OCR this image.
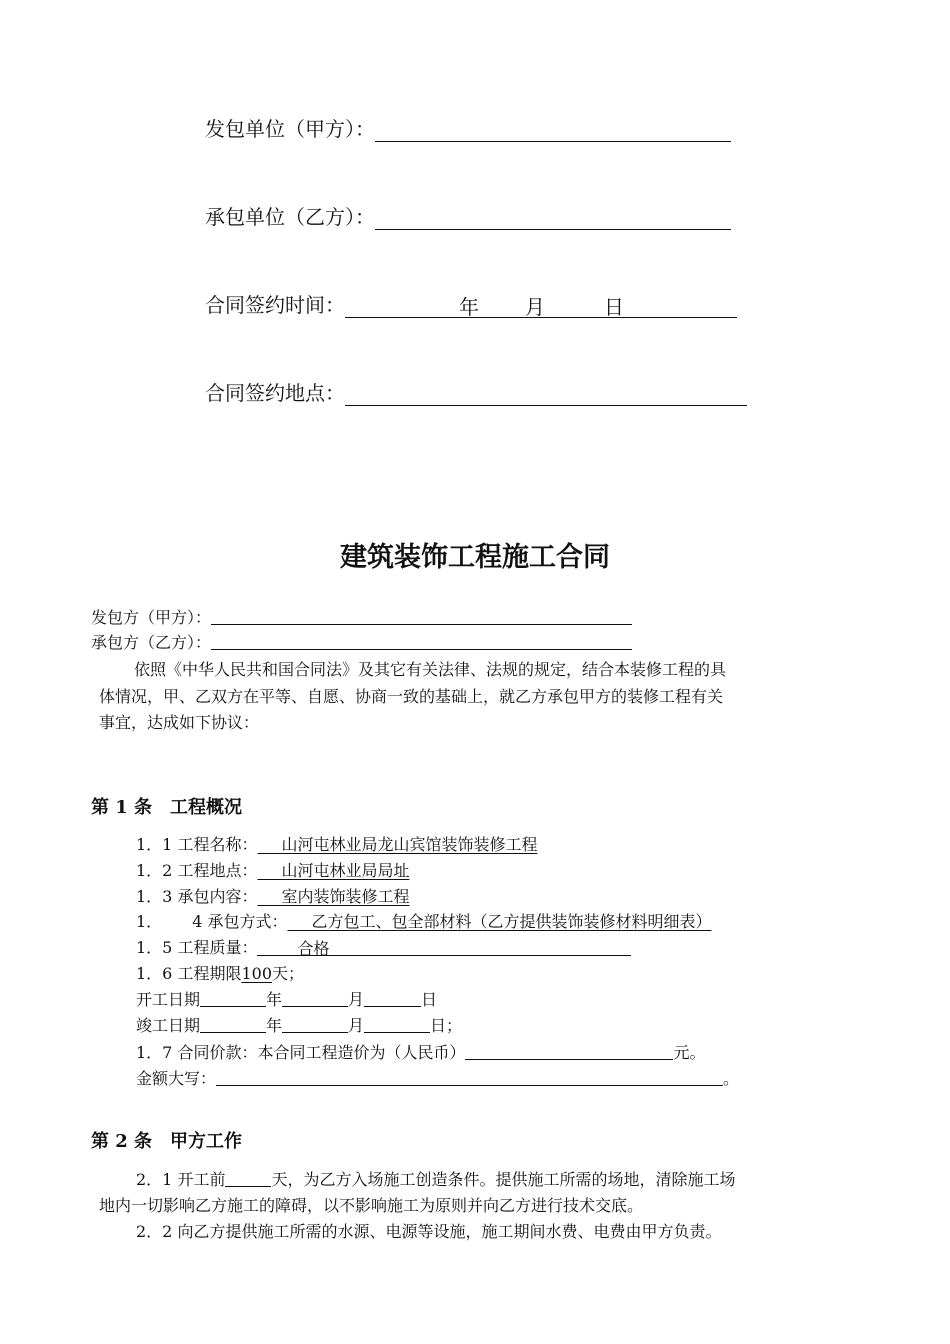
发包单位（甲方）：
承包单位（乙方）：
合同签约时间：	年 月	日
合同签约地点：
建筑装饰工程施工合同
发包方（甲方）：
承包方（乙方）：
依照《中华人民共和国合同法》及其它有关法律、法规的规定，结合本装修工程的具
体情况，甲、乙双方在平等、自愿、协商一致的基础上，就乙方承包甲方的装修工程有关
事宜，达成如下协议：
第 1 条　工程概况
1．1 工程名称：   山河屯林业局龙山宾馆装饰装修工程
1．2 工程地点：   山河屯林业局局址
1．3 承包内容：   室内装饰装修工程
1． 4 承包方式：   乙方包工、包全部材料（乙方提供装饰装修材料明细表）
1．5 工程质量：	合格
1．6 工程期限100天；
开工日期	年	月	日
竣工日期	年	月	日；
1．7 合同价款：本合同工程造价为（人民币）	元。
金额大写：	。
第 2 条　甲方工作
2．1 开工前	天，为乙方入场施工创造条件。提供施工所需的场地，清除施工场
地内一切影响乙方施工的障碍，以不影响施工为原则并向乙方进行技术交底。
2．2 向乙方提供施工所需的水源、电源等设施，施工期间水费、电费由甲方负责。
